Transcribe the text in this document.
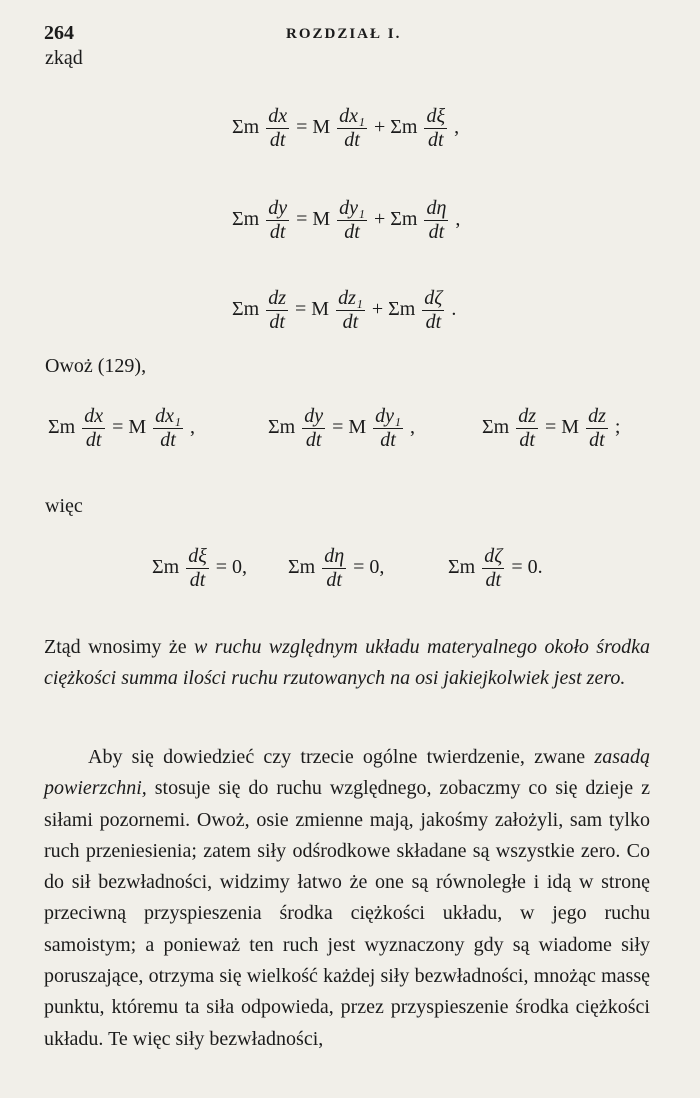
264	ROZDZIAŁ I.
zkąd
Σm $\frac{dx}{dt} = M \frac{\text{dx₁}}{dt} + \Sigma m \frac{d\xi}{dt}$ ,
Σm $\frac{dy}{dt} = M \frac{\text{dy₁}}{dt} + \Sigma m \frac{d\eta}{dt}$ ,
Σm $\frac{dz}{dt} = M \frac{\text{dz₁}}{dt} + \Sigma m \frac{d\zeta}{dt}$ .
Owoż (129),
Σm $\frac{dx}{dt} = M \frac{\text{dx₁}}{dt}$ ,	Σm $\frac{dy}{dt} = M \frac{\text{dy₁}}{dt}$ ,	Σm $\frac{dz}{dt} = M \frac{dz}{dt}$ ;
więc
Σm $\frac{d\xi}{dt} = 0$, Σm $\frac{d\eta}{dt} = 0$,	Σm $\frac{d\zeta}{dt} = 0$.
Ztąd wnosimy że w ruchu względnym układu materyalnego około środka ciężkości summa ilości ruchu rzutowanych na osi jakiejkolwiek jest zero.
Aby się dowiedzieć czy trzecie ogólne twierdzenie, zwane zasadą powierzchni, stosuje się do ruchu względnego, zobaczmy co się dzieje z siłami pozornemi. Owoż, osie zmienne mają, jakośmy założyli, sam tylko ruch przeniesienia; zatem siły odśrodkowe składane są wszystkie zero. Co do sił bezwładności, widzimy łatwo że one są równoległe i idą w stronę przeciwną przyspieszenia środka ciężkości układu, w jego ruchu samoistym; a ponieważ ten ruch jest wyznaczony gdy są wiadome siły poruszające, otrzyma się wielkość każdej siły bezwładności, mnożąc massę punktu, któremu ta siła odpowieda, przez przyspieszenie środka ciężkości układu. Te więc siły bezwładności,
